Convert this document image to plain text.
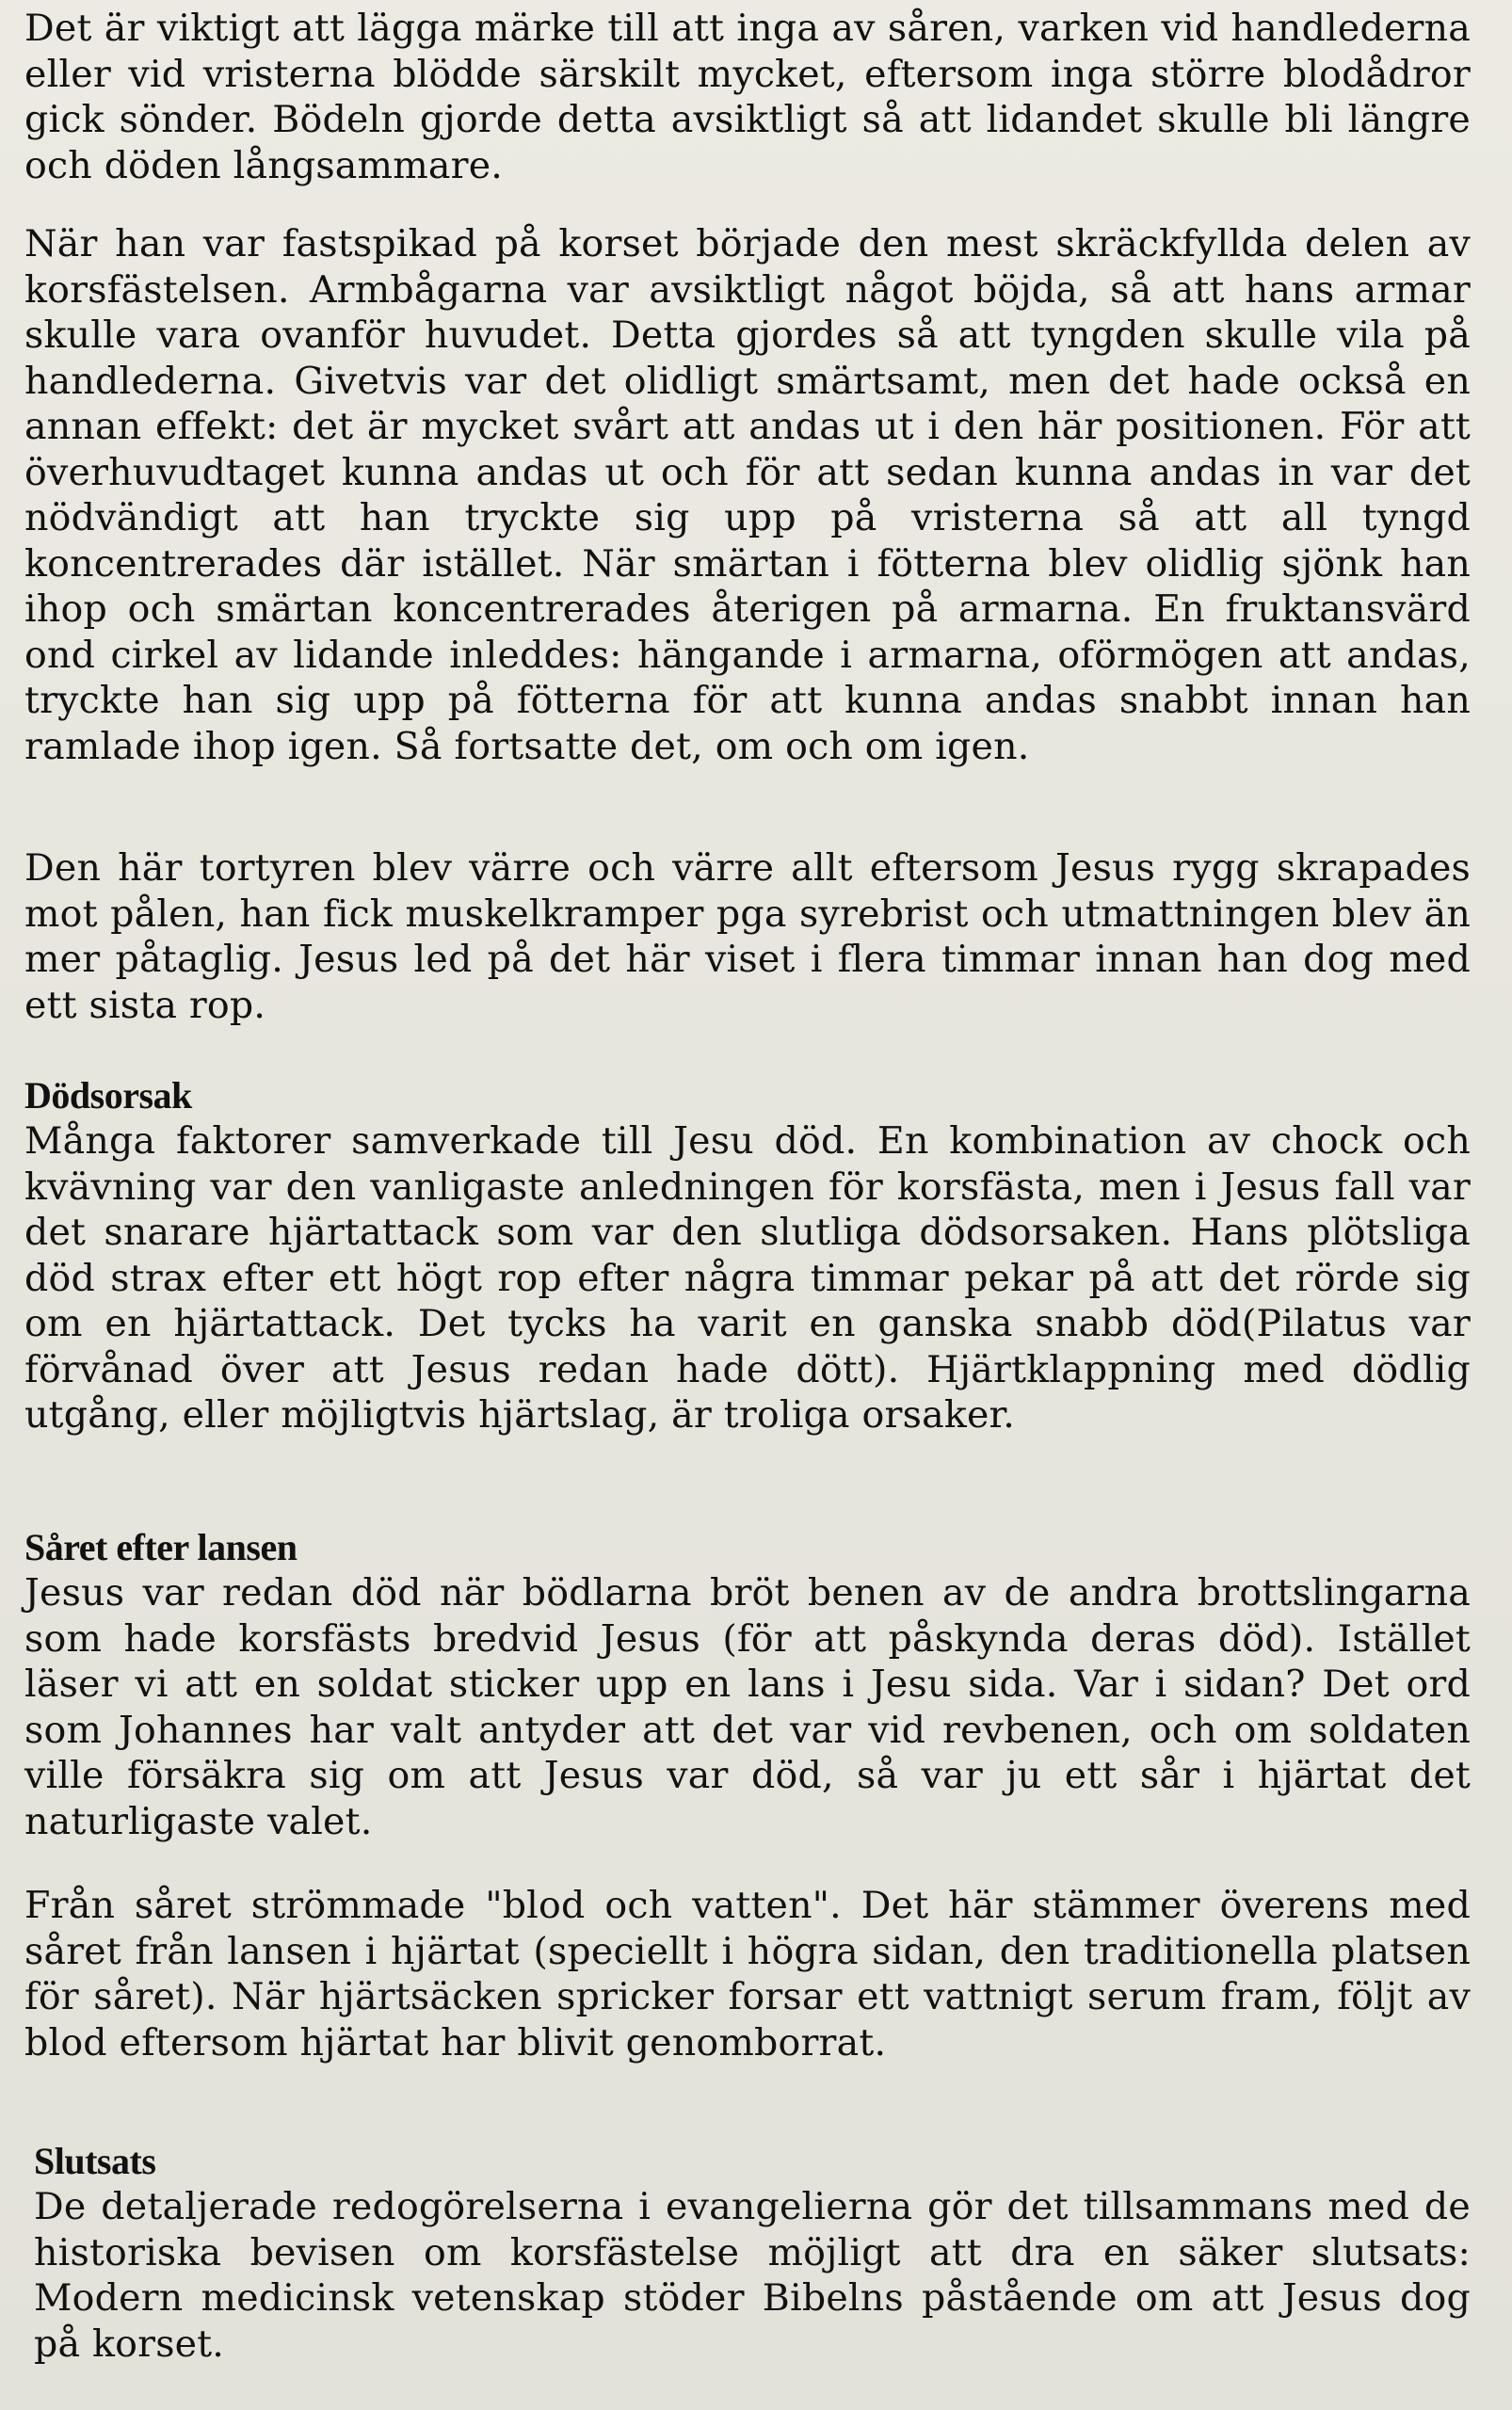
Det är viktigt att lägga märke till att inga av såren, varken vid handlederna eller vid vristerna blödde särskilt mycket, eftersom inga större blodådror gick sönder. Bödeln gjorde detta avsiktligt så att lidandet skulle bli längre och döden långsammare.

När han var fastspikad på korset började den mest skräckfyllda delen av korsfästelsen. Armbågarna var avsiktligt något böjda, så att hans armar skulle vara ovanför huvudet. Detta gjordes så att tyngden skulle vila på handlederna. Givetvis var det olidligt smärtsamt, men det hade också en annan effekt: det är mycket svårt att andas ut i den här positionen. För att överhuvudtaget kunna andas ut och för att sedan kunna andas in var det nödvändigt att han tryckte sig upp på vristerna så att all tyngd koncentrerades där istället. När smärtan i fötterna blev olidlig sjönk han ihop och smärtan koncentrerades återigen på armarna. En fruktansvärd ond cirkel av lidande inleddes: hängande i armarna, oförmögen att andas, tryckte han sig upp på fötterna för att kunna andas snabbt innan han ramlade ihop igen. Så fortsatte det, om och om igen.

Den här tortyren blev värre och värre allt eftersom Jesus rygg skrapades mot pålen, han fick muskelkramper pga syrebrist och utmattningen blev än mer påtaglig. Jesus led på det här viset i flera timmar innan han dog med ett sista rop.

Dödsorsak

Många faktorer samverkade till Jesu död. En kombination av chock och kvävning var den vanligaste anledningen för korsfästa, men i Jesus fall var det snarare hjärtattack som var den slutliga dödsorsaken. Hans plötsliga död strax efter ett högt rop efter några timmar pekar på att det rörde sig om en hjärtattack. Det tycks ha varit en ganska snabb död(Pilatus var förvånad över att Jesus redan hade dött). Hjärtklappning med dödlig utgång, eller möjligtvis hjärtslag, är troliga orsaker.

Såret efter lansen

Jesus var redan död när bödlarna bröt benen av de andra brottslingarna som hade korsfästs bredvid Jesus (för att påskynda deras död). Istället läser vi att en soldat sticker upp en lans i Jesu sida. Var i sidan? Det ord som Johannes har valt antyder att det var vid revbenen, och om soldaten ville försäkra sig om att Jesus var död, så var ju ett sår i hjärtat det naturligaste valet.

Från såret strömmade "blod och vatten". Det här stämmer överens med såret från lansen i hjärtat (speciellt i högra sidan, den traditionella platsen för såret). När hjärtsäcken spricker forsar ett vattnigt serum fram, följt av blod eftersom hjärtat har blivit genomborrat.

Slutsats

De detaljerade redogörelserna i evangelierna gör det tillsammans med de historiska bevisen om korsfästelse möjligt att dra en säker slutsats: Modern medicinsk vetenskap stöder Bibelns påstående om att Jesus dog på korset.
